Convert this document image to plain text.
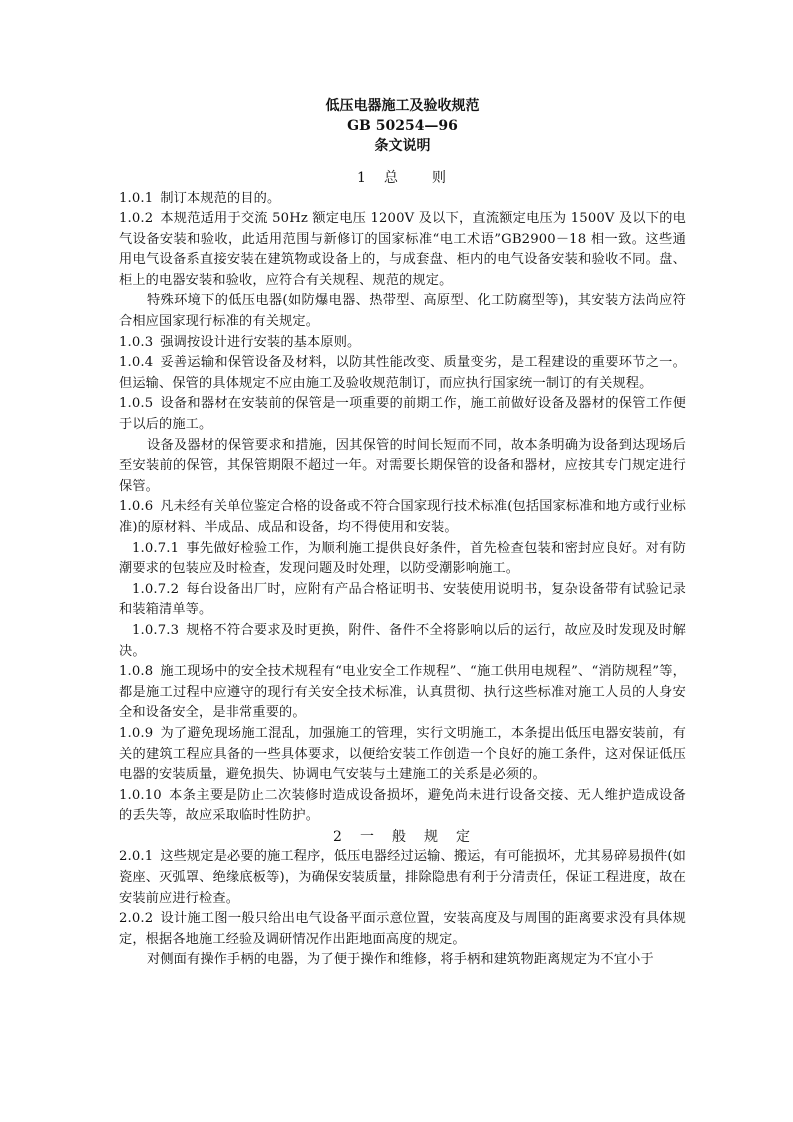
低压电器施工及验收规范

GB 50254—96

条文说明

1　总　　则

1.0.1 制订本规范的目的。

1.0.2 本规范适用于交流 50Hz 额定电压 1200V 及以下，直流额定电压为 1500V 及以下的电气设备安装和验收，此适用范围与新修订的国家标准“电工术语”GB2900－18 相一致。这些通用电气设备系直接安装在建筑物或设备上的，与成套盘、柜内的电气设备安装和验收不同。盘、柜上的电器安装和验收，应符合有关规程、规范的规定。

特殊环境下的低压电器(如防爆电器、热带型、高原型、化工防腐型等)，其安装方法尚应符合相应国家现行标准的有关规定。

1.0.3 强调按设计进行安装的基本原则。

1.0.4 妥善运输和保管设备及材料，以防其性能改变、质量变劣，是工程建设的重要环节之一。但运输、保管的具体规定不应由施工及验收规范制订，而应执行国家统一制订的有关规程。

1.0.5 设备和器材在安装前的保管是一项重要的前期工作，施工前做好设备及器材的保管工作便于以后的施工。

设备及器材的保管要求和措施，因其保管的时间长短而不同，故本条明确为设备到达现场后至安装前的保管，其保管期限不超过一年。对需要长期保管的设备和器材，应按其专门规定进行保管。

1.0.6 凡未经有关单位鉴定合格的设备或不符合国家现行技术标准(包括国家标准和地方或行业标准)的原材料、半成品、成品和设备，均不得使用和安装。

1.0.7.1 事先做好检验工作，为顺利施工提供良好条件，首先检查包装和密封应良好。对有防潮要求的包装应及时检查，发现问题及时处理，以防受潮影响施工。

1.0.7.2 每台设备出厂时，应附有产品合格证明书、安装使用说明书，复杂设备带有试验记录和装箱清单等。

1.0.7.3 规格不符合要求及时更换，附件、备件不全将影响以后的运行，故应及时发现及时解决。

1.0.8 施工现场中的安全技术规程有“电业安全工作规程”、“施工供用电规程”、“消防规程”等，都是施工过程中应遵守的现行有关安全技术标准，认真贯彻、执行这些标准对施工人员的人身安全和设备安全，是非常重要的。

1.0.9 为了避免现场施工混乱，加强施工的管理，实行文明施工，本条提出低压电器安装前，有关的建筑工程应具备的一些具体要求，以便给安装工作创造一个良好的施工条件，这对保证低压电器的安装质量，避免损失、协调电气安装与土建施工的关系是必须的。

1.0.10 本条主要是防止二次装修时造成设备损坏，避免尚未进行设备交接、无人维护造成设备的丢失等，故应采取临时性防护。

2　一　般　规　定

2.0.1 这些规定是必要的施工程序，低压电器经过运输、搬运，有可能损坏，尤其易碎易损件(如瓷座、灭弧罩、绝缘底板等)，为确保安装质量，排除隐患有利于分清责任，保证工程进度，故在安装前应进行检查。

2.0.2 设计施工图一般只给出电气设备平面示意位置，安装高度及与周围的距离要求没有具体规定，根据各地施工经验及调研情况作出距地面高度的规定。

对侧面有操作手柄的电器，为了便于操作和维修，将手柄和建筑物距离规定为不宜小于
